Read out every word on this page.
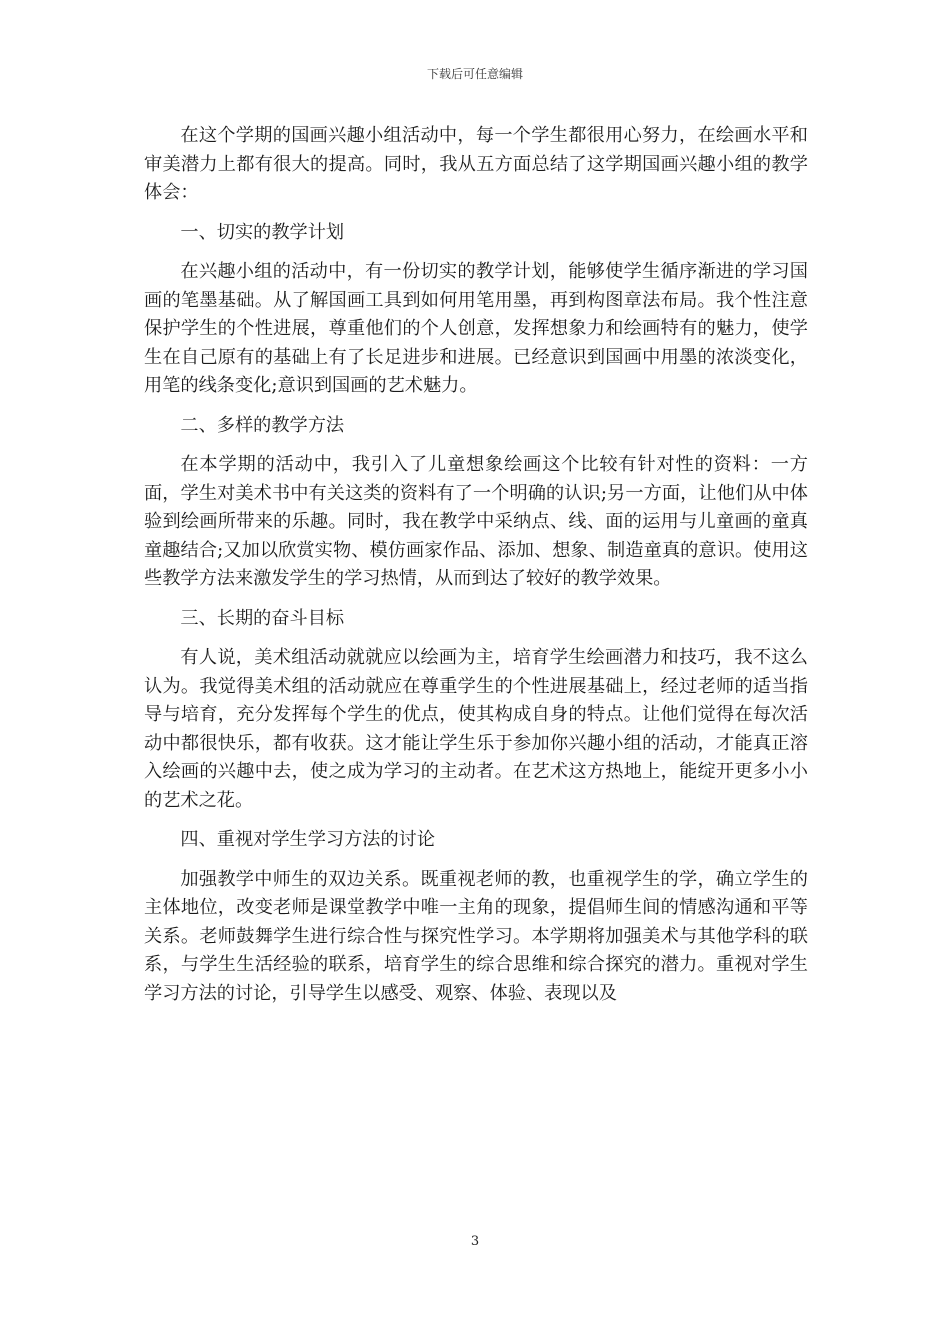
下载后可任意编辑

在这个学期的国画兴趣小组活动中，每一个学生都很用心努力，在绘画水平和审美潜力上都有很大的提高。同时，我从五方面总结了这学期国画兴趣小组的教学体会：

一、切实的教学计划

在兴趣小组的活动中，有一份切实的教学计划，能够使学生循序渐进的学习国画的笔墨基础。从了解国画工具到如何用笔用墨，再到构图章法布局。我个性注意保护学生的个性进展，尊重他们的个人创意，发挥想象力和绘画特有的魅力，使学生在自己原有的基础上有了长足进步和进展。已经意识到国画中用墨的浓淡变化，用笔的线条变化;意识到国画的艺术魅力。

二、多样的教学方法

在本学期的活动中，我引入了儿童想象绘画这个比较有针对性的资料：一方面，学生对美术书中有关这类的资料有了一个明确的认识;另一方面，让他们从中体验到绘画所带来的乐趣。同时，我在教学中采纳点、线、面的运用与儿童画的童真童趣结合;又加以欣赏实物、模仿画家作品、添加、想象、制造童真的意识。使用这些教学方法来激发学生的学习热情，从而到达了较好的教学效果。

三、长期的奋斗目标

有人说，美术组活动就就应以绘画为主，培育学生绘画潜力和技巧，我不这么认为。我觉得美术组的活动就应在尊重学生的个性进展基础上，经过老师的适当指导与培育，充分发挥每个学生的优点，使其构成自身的特点。让他们觉得在每次活动中都很快乐，都有收获。这才能让学生乐于参加你兴趣小组的活动，才能真正溶入绘画的兴趣中去，使之成为学习的主动者。在艺术这方热地上，能绽开更多小小的艺术之花。

四、重视对学生学习方法的讨论

加强教学中师生的双边关系。既重视老师的教，也重视学生的学，确立学生的主体地位，改变老师是课堂教学中唯一主角的现象，提倡师生间的情感沟通和平等关系。老师鼓舞学生进行综合性与探究性学习。本学期将加强美术与其他学科的联系，与学生生活经验的联系，培育学生的综合思维和综合探究的潜力。重视对学生学习方法的讨论，引导学生以感受、观察、体验、表现以及

3
